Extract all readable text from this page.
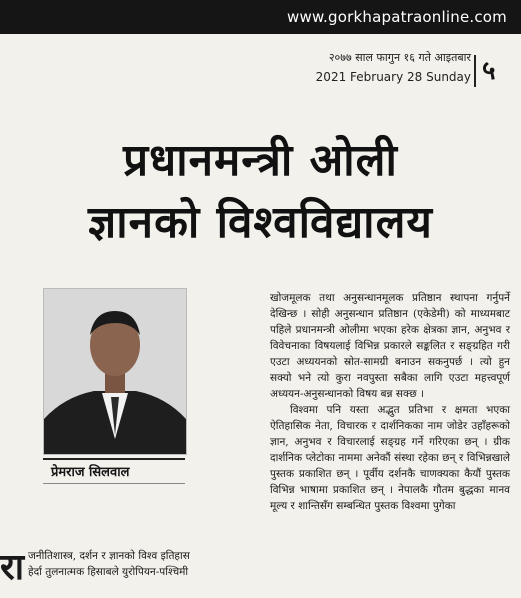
www.gorkhapatraonline.com
२०७७ साल फागुन १६ गते आइतबार
2021 February 28 Sunday ५
प्रधानमन्त्री ओली
ज्ञानको विश्वविद्यालय
प्रेमराज सिलवाल

खोजमूलक तथा अनुसन्धानमूलक प्रतिष्ठान स्थापना गर्नुपर्ने देखिन्छ । सोही अनुसन्धान प्रतिष्ठान (एकेडेमी) को माध्यमबाट पहिले प्रधानमन्त्री ओलीमा भएका हरेक क्षेत्रका ज्ञान, अनुभव र विवेचनाका विषयलाई विभिन्न प्रकारले सङ्कलित र सङ्ग्रहित गरी एउटा अध्ययनको स्रोत-सामग्री बनाउन सकनुपर्छ । त्यो हुन सक्यो भने त्यो कुरा नवपुस्ता सबैका लागि एउटा महत्त्वपूर्ण अध्ययन-अनुसन्धानको विषय बन्न सक्छ ।

विश्वमा पनि यस्ता अद्भुत प्रतिभा र क्षमता भएका ऐतिहासिक नेता, विचारक र दार्शनिकका नाम जोडेर उहाँहरूको ज्ञान, अनुभव र विचारलाई सङ्ग्रह गर्ने गरिएका छन् । ग्रीक दार्शनिक प्लेटोका नाममा अनेकौं संस्था रहेका छन् र विभिन्नखाले पुस्तक प्रकाशित छन् । पूर्वीय दर्शनकै चाणक्यका कैयौं पुस्तक विभिन्न भाषामा प्रकाशित छन् । नेपालकै गौतम बुद्धका मानव मूल्य र शान्तिसँग सम्बन्धित पुस्तक विश्वमा पुगेका

रा जनीतिशास्त्र, दर्शन र ज्ञानको विश्व इतिहास
हेर्दा तुलनात्मक हिसाबले युरोपियन-पश्चिमी
